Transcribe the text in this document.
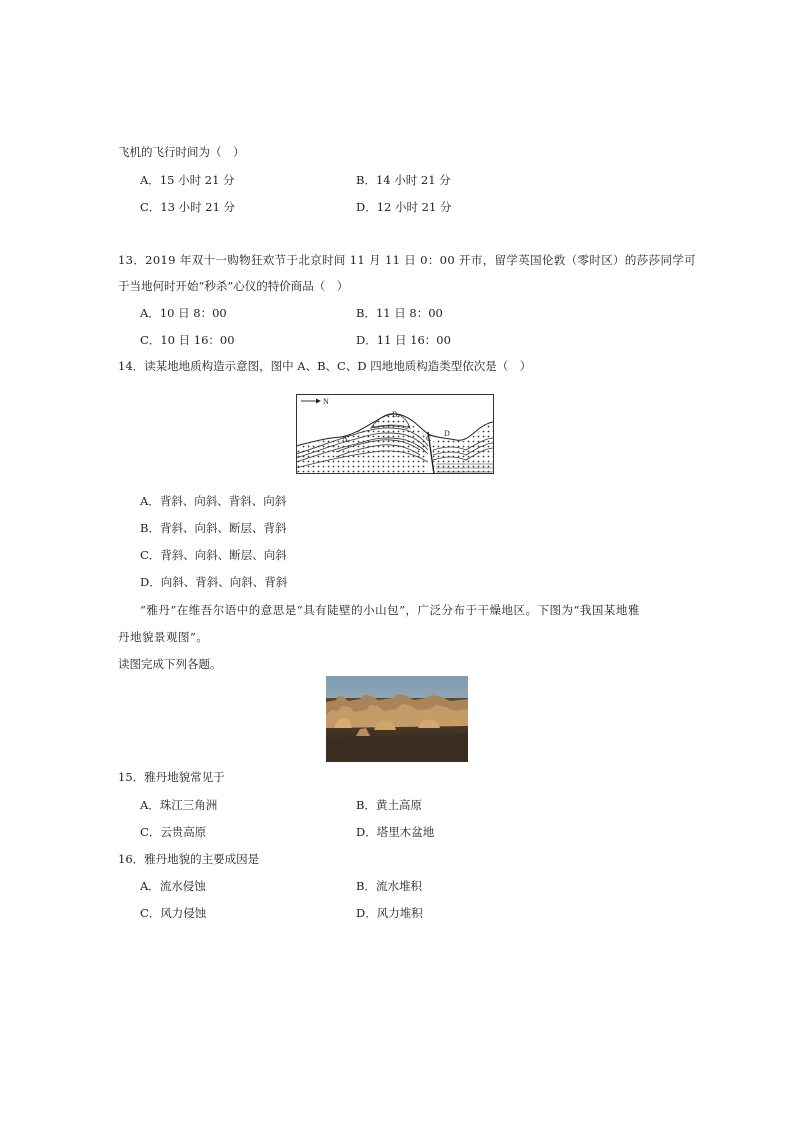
飞机的飞行时间为（　）
A．15 小时 21 分	B．14 小时 21 分
C．13 小时 21 分	D．12 小时 21 分
13．2019 年双十一购物狂欢节于北京时间 11 月 11 日 0：00 开市，留学英国伦敦（零时区）的莎莎同学可
于当地何时开始“秒杀”心仪的特价商品（　）
A．10 日 8：00	B．11 日 8：00
C．10 日 16：00	D．11 日 16：00
14．读某地地质构造示意图，图中 A、B、C、D 四地地质构造类型依次是（　）
N
A
B
C
D
A．背斜、向斜、背斜、向斜
B．背斜、向斜、断层、背斜
C．背斜、向斜、断层、向斜
D．向斜、背斜、向斜、背斜
“雅丹”在维吾尔语中的意思是“具有陡壁的小山包”，广泛分布于干燥地区。下图为“我国某地雅
丹地貌景观图”。
读图完成下列各题。
15．雅丹地貌常见于
A．珠江三角洲	B．黄土高原
C．云贵高原	D．塔里木盆地
16．雅丹地貌的主要成因是
A．流水侵蚀	B．流水堆积
C．风力侵蚀	D．风力堆积
